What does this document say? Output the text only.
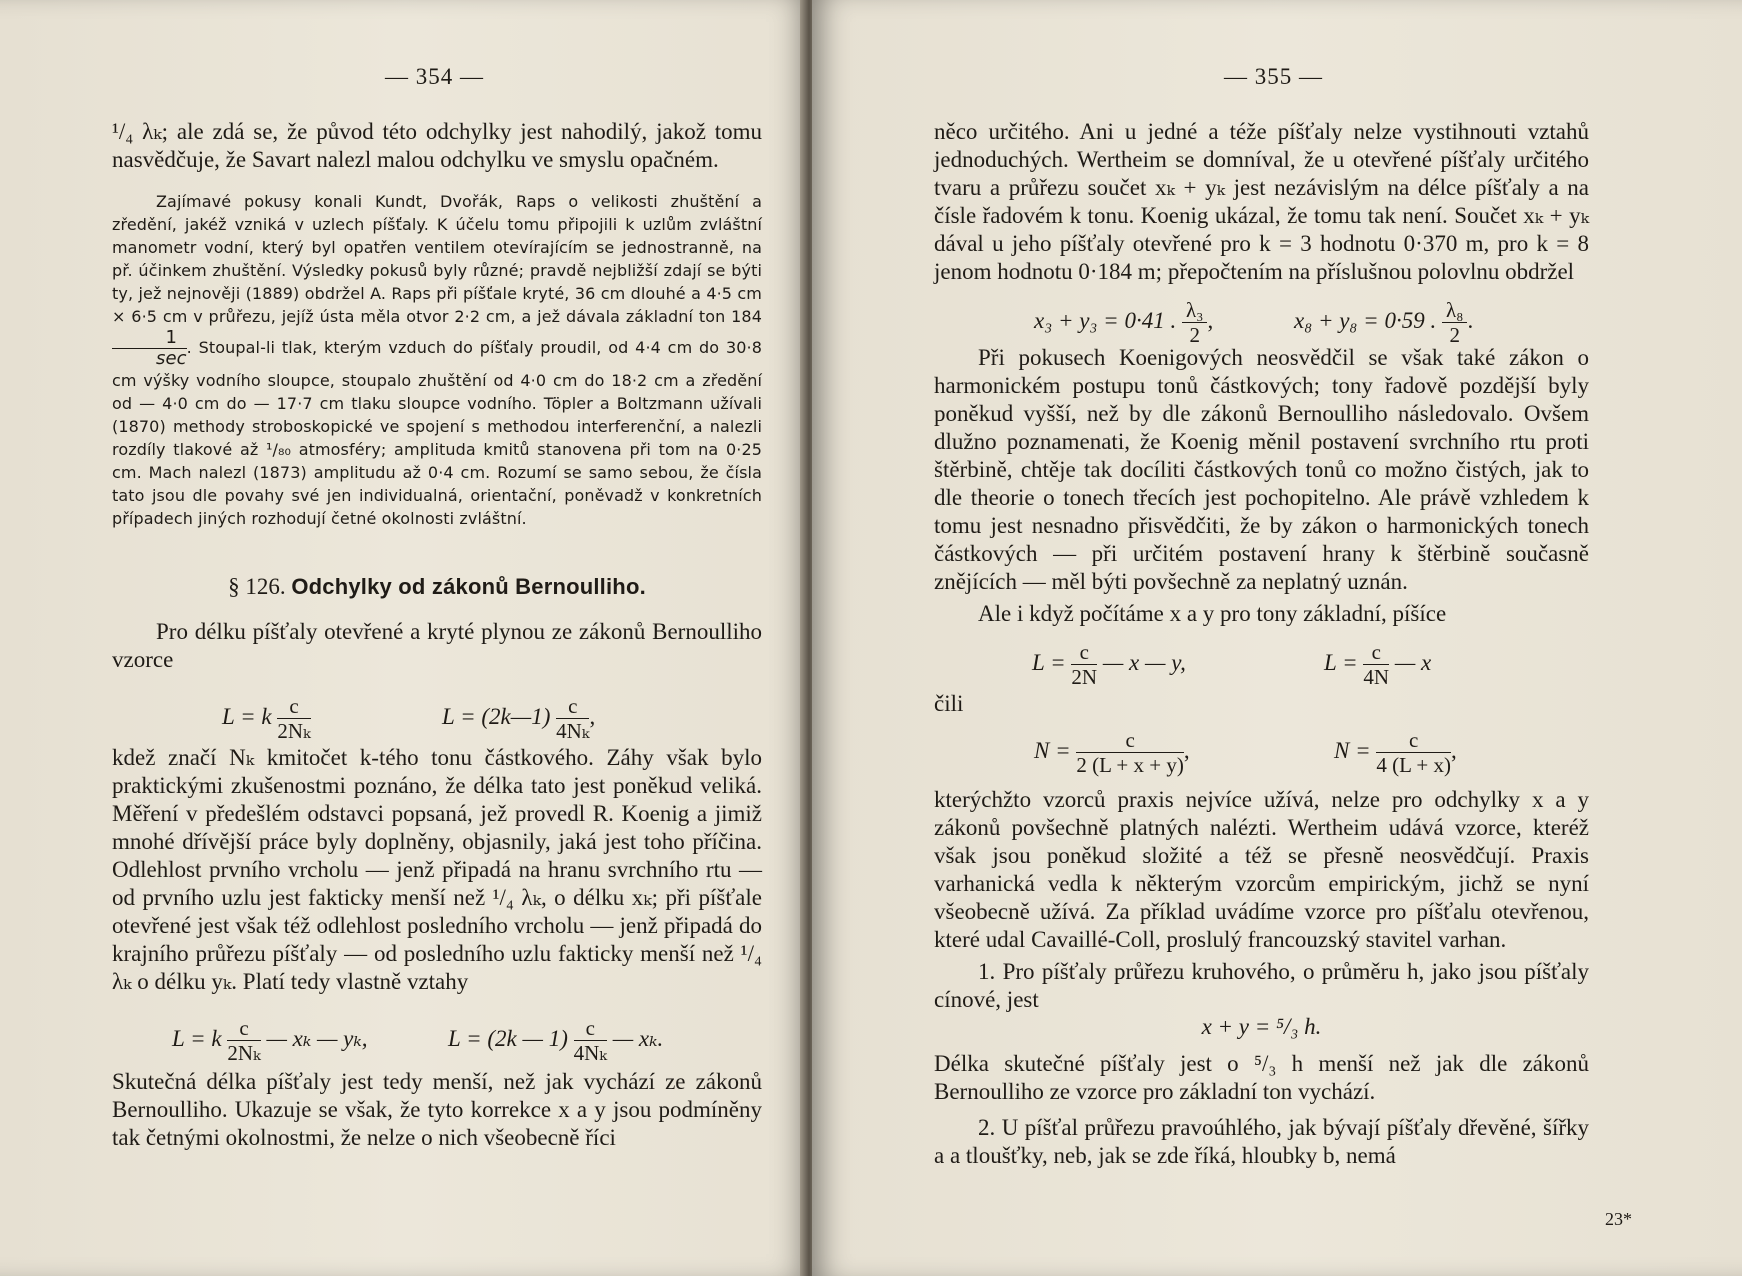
— 354 —

¹/₄ λₖ; ale zdá se, že původ této odchylky jest nahodilý, jakož tomu nasvědčuje, že Savart nalezl malou odchylku ve smyslu opačném.

Zajímavé pokusy konali Kundt, Dvořák, Raps o velikosti zhuštění a zředění, jakéž vzniká v uzlech píšťaly. K účelu tomu připojili k uzlům zvláštní manometr vodní, který byl opatřen ventilem otevírajícím se jednostranně, na př. účinkem zhuštění. Výsledky pokusů byly různé; pravdě nejbližší zdají se býti ty, jež nejnověji (1889) obdržel A. Raps při píšťale kryté, 36 cm dlouhé a 4·5 cm × 6·5 cm v průřezu, jejíž ústa měla otvor 2·2 cm, a jež dávala základní ton 184
$\frac{1}{\sec}$ . Stoupal-li tlak, kterým vzduch do píšťaly proudil, od 4·4 cm do 30·8 cm výšky vodního sloupce, stoupalo zhuštění od 4·0 cm do 18·2 cm a zředění od — 4·0 cm do — 17·7 cm tlaku sloupce vodního. Töpler a Boltzmann užívali (1870) methody stroboskopické ve spojení s methodou interferenční, a nalezli rozdíly tlakové až ¹/₈₀ atmosféry; amplituda kmitů stanovena při tom na 0·25 cm. Mach nalezl (1873) amplitudu až 0·4 cm. Rozumí se samo sebou, že čísla tato jsou dle povahy své jen individualná, orientační, poněvadž v konkretních případech jiných rozhodují četné okolnosti zvláštní.

§ 126. Odchylky od zákonů Bernoulliho.

Pro délku píšťaly otevřené a kryté plynou ze zákonů Bernoulliho vzorce

L = k $\frac{c}{\text{2Nₖ}}$	L = (2k—1) $\frac{c}{\text{4Nₖ}}$ ,

kdež značí Nₖ kmitočet k-tého tonu částkového. Záhy však bylo praktickými zkušenostmi poznáno, že délka tato jest poněkud veliká. Měření v předešlém odstavci popsaná, jež provedl R. Koenig a jimiž mnohé dřívější práce byly doplněny, objasnily, jaká jest toho příčina. Odlehlost prvního vrcholu — jenž připadá na hranu svrchního rtu — od prvního uzlu jest fakticky menší než ¹/₄ λₖ, o délku xₖ; při píšťale otevřené jest však též odlehlost posledního vrcholu — jenž připadá do krajního průřezu píšťaly — od posledního uzlu fakticky menší než ¹/₄ λₖ o délku yₖ. Platí tedy vlastně vztahy

L = k $\frac{c}{\text{2Nₖ}}$ — xₖ — yₖ,	L = (2k — $1) \frac{c}{\text{4Nₖ}}$ — xₖ.

Skutečná délka píšťaly jest tedy menší, než jak vychází ze zákonů Bernoulliho. Ukazuje se však, že tyto korrekce x a y jsou podmíněny tak četnými okolnostmi, že nelze o nich všeobecně říci

— 355 —

něco určitého. Ani u jedné a téže píšťaly nelze vystihnouti vztahů jednoduchých. Wertheim se domníval, že u otevřené píšťaly určitého tvaru a průřezu součet xₖ + yₖ jest nezávislým na délce píšťaly a na čísle řadovém k tonu. Koenig ukázal, že tomu tak není. Součet xₖ + yₖ dával u jeho píšťaly otevřené pro k = 3 hodnotu 0·370 m, pro k = 8 jenom hodnotu 0·184 m; přepočtením na příslušnou polovlnu obdržel

x₃ + y₃ = 0·41 . $\frac{\text{λ₃}}{2}$ ,	x₈ + y₈ = 0·59 . $\frac{\text{λ₈}}{2}$ .

Při pokusech Koenigových neosvědčil se však také zákon o harmonickém postupu tonů částkových; tony řadově pozdější byly poněkud vyšší, než by dle zákonů Bernoulliho následovalo. Ovšem dlužno poznamenati, že Koenig měnil postavení svrchního rtu proti štěrbině, chtěje tak docíliti částkových tonů co možno čistých, jak to dle theorie o tonech třecích jest pochopitelno. Ale právě vzhledem k tomu jest nesnadno přisvědčiti, že by zákon o harmonických tonech částkových — při určitém postavení hrany k štěrbině současně znějících — měl býti povšechně za neplatný uznán.

Ale i když počítáme x a y pro tony základní, píšíce

$L = \frac{c}{2N}$ — x — y,	$L = \frac{c}{4N}$ — x

čili

$N = \frac{c}{2 (L + x + y)}$ ,	$N = \frac{c}{4 (L + x)}$ ,

kterýchžto vzorců praxis nejvíce užívá, nelze pro odchylky x a y zákonů povšechně platných nalézti. Wertheim udává vzorce, kteréž však jsou poněkud složité a též se přesně neosvědčují. Praxis varhanická vedla k některým vzorcům empirickým, jichž se nyní všeobecně užívá. Za příklad uvádíme vzorce pro píšťalu otevřenou, které udal Cavaillé-Coll, proslulý francouzský stavitel varhan.

1. Pro píšťaly průřezu kruhového, o průměru h, jako jsou píšťaly cínové, jest

x + y = ⁵/₃ h.

Délka skutečné píšťaly jest o ⁵/₃ h menší než jak dle zákonů Bernoulliho ze vzorce pro základní ton vychází.

2. U píšťal průřezu pravoúhlého, jak bývají píšťaly dřevěné, šířky a a tloušťky, neb, jak se zde říká, hloubky b, nemá

23*
